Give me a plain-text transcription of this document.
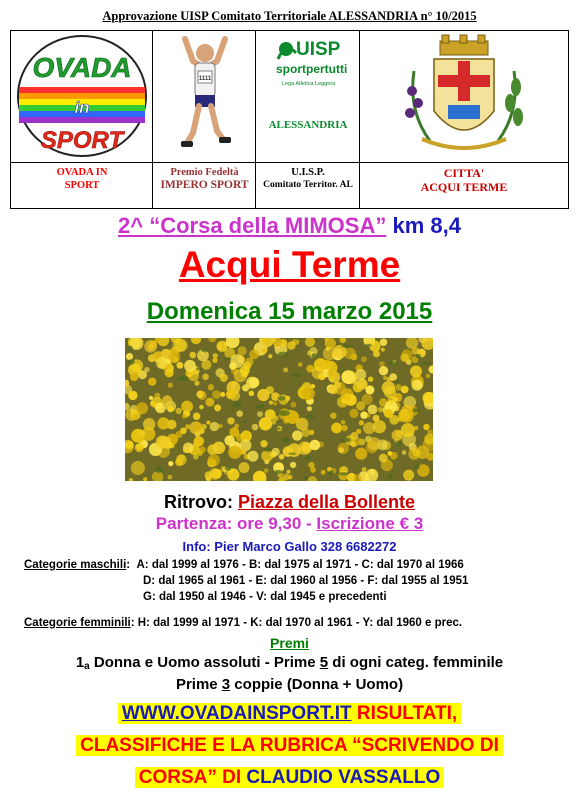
Approvazione UISP Comitato Territoriale ALESSANDRIA n° 10/2015
OVADA
in
SPORT
OVADA IN
SPORT
1111
Premio Fedeltà
IMPERO SPORT
UISP
sportpertutti
Lega Atletica Leggera
ALESSANDRIA
U.I.S.P.
Comitato Territor. AL
CITTA'
ACQUI TERME
2^ “Corsa della MIMOSA” km 8,4
Acqui Terme
Domenica 15 marzo 2015
Ritrovo: Piazza della Bollente
Partenza: ore 9,30 - Iscrizione € 3
Info: Pier Marco Gallo 328 6682272
Categorie maschili:  A: dal 1999 al 1976 - B: dal 1975 al 1971 - C: dal 1970 al 1966
D: dal 1965 al 1961 - E: dal 1960 al 1956 - F: dal 1955 al 1951
G: dal 1950 al 1946 - V: dal 1945 e precedenti
Categorie femminili: H: dal 1999 al 1971 - K: dal 1970 al 1961 - Y: dal 1960 e prec.
Premi
1a Donna e Uomo assoluti - Prime 5 di ogni categ. femminile
Prime 3 coppie (Donna + Uomo)
WWW.OVADAINSPORT.IT RISULTATI,
CLASSIFICHE E LA RUBRICA “SCRIVENDO DI
CORSA” DI CLAUDIO VASSALLO
